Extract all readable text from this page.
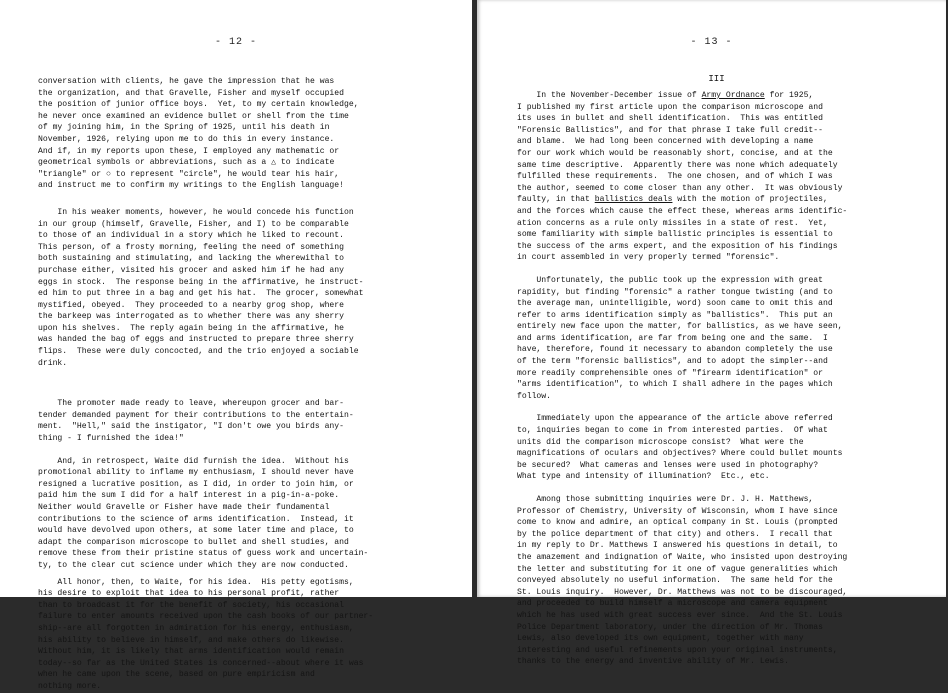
- 12 -
conversation with clients, he gave the impression that he was
the organization, and that Gravelle, Fisher and myself occupied
the position of junior office boys.  Yet, to my certain knowledge,
he never once examined an evidence bullet or shell from the time
of my joining him, in the Spring of 1925, until his death in
November, 1926, relying upon me to do this in every instance.
And if, in my reports upon these, I employed any mathematic or
geometrical symbols or abbreviations, such as a △ to indicate
"triangle" or ○ to represent "circle", he would tear his hair,
and instruct me to confirm my writings to the English language!
In his weaker moments, however, he would concede his function
in our group (himself, Gravelle, Fisher, and I) to be comparable
to those of an individual in a story which he liked to recount.
This person, of a frosty morning, feeling the need of something
both sustaining and stimulating, and lacking the wherewithal to
purchase either, visited his grocer and asked him if he had any
eggs in stock.  The response being in the affirmative, he instruct-
ed him to put three in a bag and get his hat.  The grocer, somewhat
mystified, obeyed.  They proceeded to a nearby grog shop, where
the barkeep was interrogated as to whether there was any sherry
upon his shelves.  The reply again being in the affirmative, he
was handed the bag of eggs and instructed to prepare three sherry
flips.  These were duly concocted, and the trio enjoyed a sociable
drink.
The promoter made ready to leave, whereupon grocer and bar-
tender demanded payment for their contributions to the entertain-
ment.  "Hell," said the instigator, "I don't owe you birds any-
thing - I furnished the idea!"
And, in retrospect, Waite did furnish the idea.  Without his
promotional ability to inflame my enthusiasm, I should never have
resigned a lucrative position, as I did, in order to join him, or
paid him the sum I did for a half interest in a pig-in-a-poke.
Neither would Gravelle or Fisher have made their fundamental
contributions to the science of arms identification.  Instead, it
would have devolved upon others, at some later time and place, to
adapt the comparison microscope to bullet and shell studies, and
remove these from their pristine status of guess work and uncertain-
ty, to the clear cut science under which they are now conducted.
All honor, then, to Waite, for his idea.  His petty egotisms,
his desire to exploit that idea to his personal profit, rather
than to broadcast it for the benefit of society, his occasional
failure to enter amounts received upon the cash books of our partner-
ship--are all forgotten in admiration for his energy, enthusiasm,
his ability to believe in himself, and make others do likewise.
Without him, it is likely that arms identification would remain
today--so far as the United States is concerned--about where it was
when he came upon the scene, based on pure empiricism and
nothing more.
- 13 -
III
In the November-December issue of Army Ordnance for 1925,
I published my first article upon the comparison microscope and
its uses in bullet and shell identification.  This was entitled
"Forensic Ballistics", and for that phrase I take full credit--
and blame.  We had long been concerned with developing a name
for our work which would be reasonably short, concise, and at the
same time descriptive.  Apparently there was none which adequately
fulfilled these requirements.  The one chosen, and of which I was
the author, seemed to come closer than any other.  It was obviously
faulty, in that ballistics deals with the motion of projectiles,
and the forces which cause the effect these, whereas arms identific-
ation concerns as a rule only missiles in a state of rest.  Yet,
some familiarity with simple ballistic principles is essential to
the success of the arms expert, and the exposition of his findings
in court assembled in very properly termed "forensic".
Unfortunately, the public took up the expression with great
rapidity, but finding "forensic" a rather tongue twisting (and to
the average man, unintelligible, word) soon came to omit this and
refer to arms identification simply as "ballistics".  This put an
entirely new face upon the matter, for ballistics, as we have seen,
and arms identification, are far from being one and the same.  I
have, therefore, found it necessary to abandon completely the use
of the term "forensic ballistics", and to adopt the simpler--and
more readily comprehensible ones of "firearm identification" or
"arms identification", to which I shall adhere in the pages which
follow.
Immediately upon the appearance of the article above referred
to, inquiries began to come in from interested parties.  Of what
units did the comparison microscope consist?  What were the
magnifications of oculars and objectives? Where could bullet mounts
be secured?  What cameras and lenses were used in photography?
What type and intensity of illumination?  Etc., etc.
Among those submitting inquiries were Dr. J. H. Matthews,
Professor of Chemistry, University of Wisconsin, whom I have since
come to know and admire, an optical company in St. Louis (prompted
by the police department of that city) and others.  I recall that
in my reply to Dr. Matthews I answered his questions in detail, to
the amazement and indignation of Waite, who insisted upon destroying
the letter and substituting for it one of vague generalities which
conveyed absolutely no useful information.  The same held for the
St. Louis inquiry.  However, Dr. Matthews was not to be discouraged,
and proceeded to build himself a microscope and camera equipment
which he has used with great success ever since.  And the St. Louis
Police Department laboratory, under the direction of Mr. Thomas
Lewis, also developed its own equipment, together with many
interesting and useful refinements upon your original instruments,
thanks to the energy and inventive ability of Mr. Lewis.
